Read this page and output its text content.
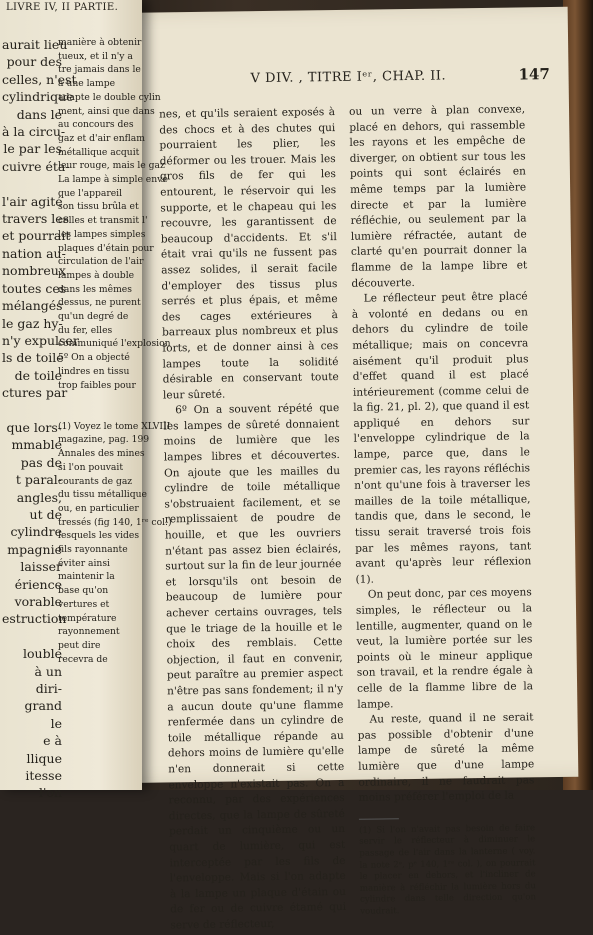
V DIV. , TITRE Iᵉʳ, CHAP. II.	147

nes, et qu'ils seraient exposés à des chocs et à des chutes qui pourraient les plier, les déformer ou les trouer. Mais les gros fils de fer qui les entourent, le réservoir qui les supporte, et le chapeau qui les recouvre, les garantissent de beaucoup d'accidents. Et s'il était vrai qu'ils ne fussent pas assez solides, il serait facile d'employer des tissus plus serrés et plus épais, et même des cages extérieures à barreaux plus nombreux et plus forts, et de donner ainsi à ces lampes toute la solidité désirable en conservant toute leur sûreté.

6º On a souvent répété que les lampes de sûreté donnaient moins de lumière que les lampes libres et découvertes. On ajoute que les mailles du cylindre de toile métallique s'obstruaient facilement, et se remplissaient de poudre de houille, et que les ouvriers n'étant pas assez bien éclairés, surtout sur la fin de leur journée et lorsqu'ils ont besoin de beaucoup de lumière pour achever certains ouvrages, tels que le triage de la houille et le choix des remblais. Cette objection, il faut en convenir, peut paraître au premier aspect n'être pas sans fondement; il n'y a aucun doute qu'une flamme renfermée dans un cylindre de toile métallique répande au dehors moins de lumière qu'elle n'en donnerait si cette enveloppe n'existait pas. On a reconnu, par des expériences directes, que la lampe de sûreté perdait un cinquième ou un quart de lumière, qui est interceptée par les fils de l'enveloppe. Mais si l'on adapte à la lampe un plaque d'étain ou de fer ou de cuivre étamé qui serve de réflecteur,

ou un verre à plan convexe, placé en dehors, qui rassemble les rayons et les empêche de diverger, on obtient sur tous les points qui sont éclairés en même temps par la lumière directe et par la lumière réfléchie, ou seulement par la lumière réfractée, autant de clarté qu'en pourrait donner la flamme de la lampe libre et découverte.

Le réflecteur peut être placé à volonté en dedans ou en dehors du cylindre de toile métallique; mais on concevra aisément qu'il produit plus d'effet quand il est placé intérieurement (comme celui de la fig. 21, pl. 2), que quand il est appliqué en dehors sur l'enveloppe cylindrique de la lampe, parce que, dans le premier cas, les rayons réfléchis n'ont qu'une fois à traverser les mailles de la toile métallique, tandis que, dans le second, le tissu serait traversé trois fois par les mêmes rayons, tant avant qu'après leur réflexion (1).

On peut donc, par ces moyens simples, le réflecteur ou la lentille, augmenter, quand on le veut, la lumière portée sur les points où le mineur applique son travail, et la rendre égale à celle de la flamme libre de la lampe.

Au reste, quand il ne serait pas possible d'obtenir d'une lampe de sûreté la même lumière que d'une lampe ordinaire, il ne faudrait pas moins préférer l'emploi de la

(1) Si l'on n'avait pas besoin de faire servir le réflecteur à diminuer le passage de l'air dans la lanterne ( voy. la note 2ᵉ, pᵉ 140, 1ʳᵉ col. ), on pourrait le placer en dehors, et l'incliner de manière à réfléchir la lumière hors du cylindre dans telle direction qu'on voudrait.

LIVRE IV, II PARTIE.
aurait lieu
pour des
celles, n'est
cylindrique
dans le
à la circu-
le par les
cuivre éta-

l'air agité
travers les
et pourrait
nation au-
nombreux
toutes ces
mélangés
le gaz hy-
n'y expulser
ls de toile
de toile
ctures par

que lors-
mmable
pas de
t paral-
angles,
ut de
cylindre
mpagnie
laisser
érience
vorable
estruction

louble
à un
diri-
grand
le
e à
llique
itesse
l'on
manière à obtenir
tueux, et il n'y a
tre jamais dans le
à une lampe
adapte le double cylin
ment, ainsi que dans
au concours des
gaz et d'air enflam
métallique acquit
leur rouge, mais le gaz
La lampe à simple enve
que l'appareil
son tissu brûla et
celles et transmit l'
les lampes simples
plaques d'étain pour
circulation de l'air
lampes à double
dans les mêmes
dessus, ne purent
qu'un degré de
du fer, elles
communiqué l'explosion
5º On a objecté
lindres en tissu
trop faibles pour

(1) Voyez le tome XLVIII
magazine, pag. 199
Annales des mines
si l'on pouvait
courants de gaz
du tissu métallique
ou, en particulier
tressés (fig 140, 1ʳᵉ col.)
lesquels les vides
fils rayonnante
éviter ainsi
maintenir la
base qu'on
vertures et
température
rayonnement
peut dire
recevra de
